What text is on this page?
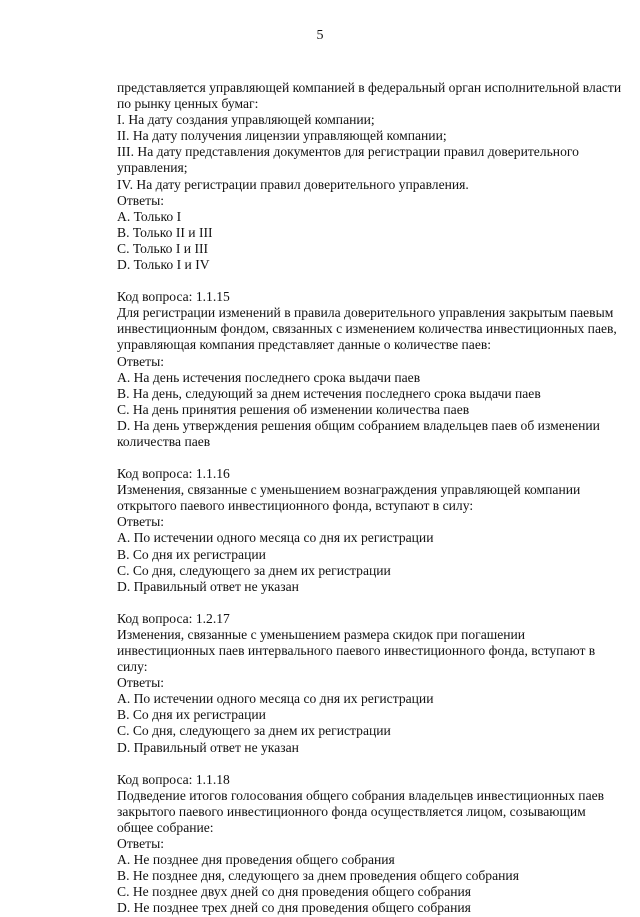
5

представляется управляющей компанией в федеральный орган исполнительной власти по рынку ценных бумаг:

I. На дату создания управляющей компании;
II. На дату получения лицензии управляющей компании;
III. На дату представления документов для регистрации правил доверительного управления;
IV. На дату регистрации правил доверительного управления.

Ответы:

A. Только I
B. Только II и III
C. Только I и III
D. Только I и IV

Код вопроса: 1.1.15

Для регистрации изменений в правила доверительного управления закрытым паевым инвестиционным фондом, связанных с изменением количества инвестиционных паев, управляющая компания представляет данные о количестве паев:

Ответы:

A. На день истечения последнего срока выдачи паев
B. На день, следующий за днем истечения последнего срока выдачи паев
C. На день принятия решения об изменении количества паев
D. На день утверждения решения общим собранием владельцев паев об изменении количества паев

Код вопроса: 1.1.16

Изменения, связанные с уменьшением вознаграждения управляющей компании открытого паевого инвестиционного фонда, вступают в силу:

Ответы:

A. По истечении одного месяца со дня их регистрации
B. Со дня их регистрации
C. Со дня, следующего за днем их регистрации
D. Правильный ответ не указан

Код вопроса: 1.2.17

Изменения, связанные с уменьшением размера скидок при погашении инвестиционных паев интервального паевого инвестиционного фонда, вступают в силу:

Ответы:

A. По истечении одного месяца со дня их регистрации
B. Со дня их регистрации
C. Со дня, следующего за днем их регистрации
D. Правильный ответ не указан

Код вопроса: 1.1.18

Подведение итогов голосования общего собрания владельцев инвестиционных паев закрытого паевого инвестиционного фонда осуществляется лицом, созывающим общее собрание:

Ответы:

A. Не позднее дня проведения общего собрания
B. Не позднее дня, следующего за днем проведения общего собрания
C. Не позднее двух дней со дня проведения общего собрания
D. Не позднее трех дней со дня проведения общего собрания
